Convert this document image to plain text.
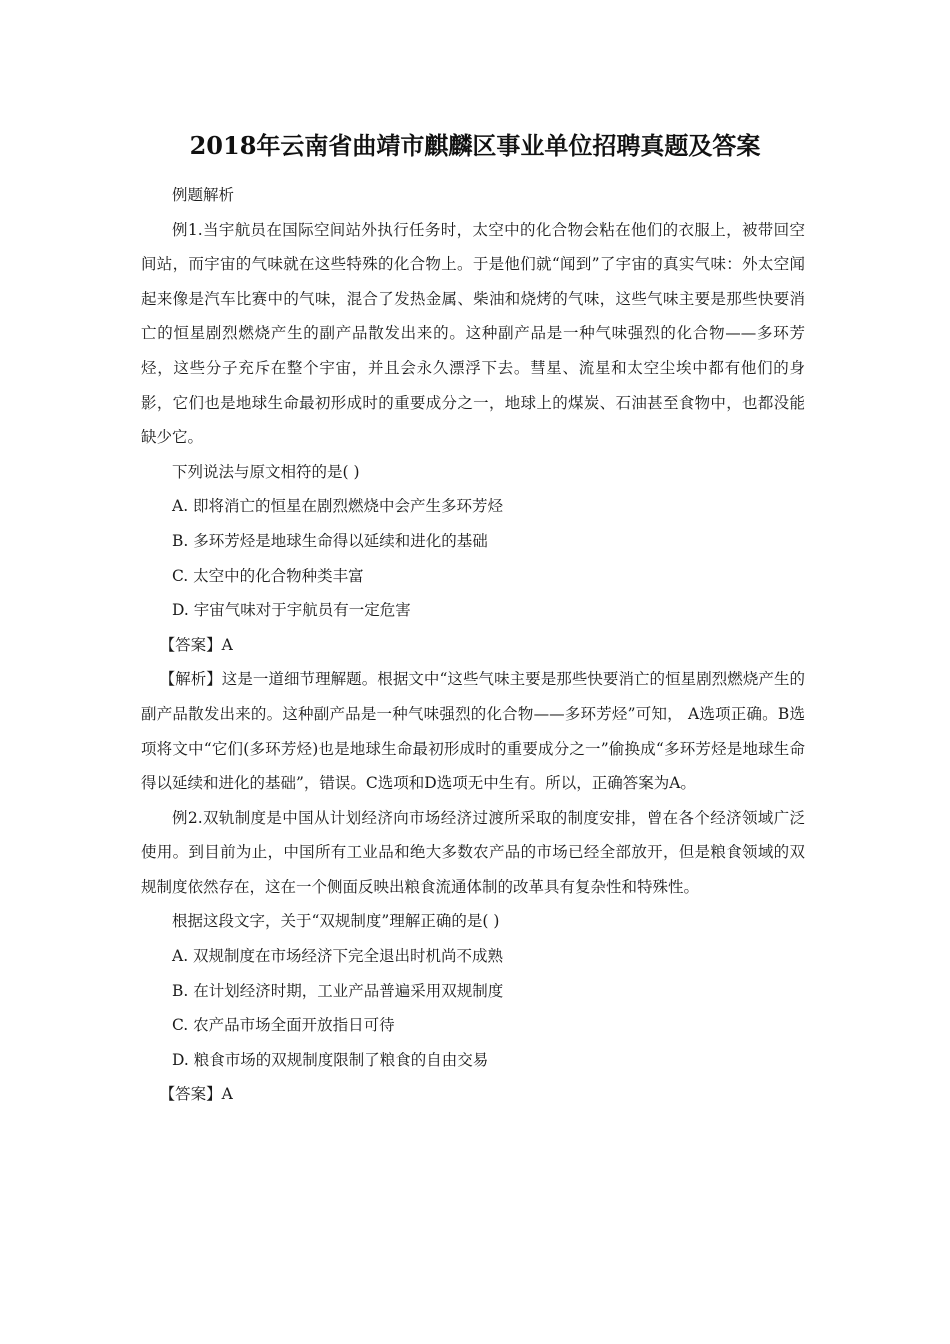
2018年云南省曲靖市麒麟区事业单位招聘真题及答案

例题解析

例1.当宇航员在国际空间站外执行任务时，太空中的化合物会粘在他们的衣服上，被带回空间站，而宇宙的气味就在这些特殊的化合物上。于是他们就“闻到”了宇宙的真实气味：外太空闻起来像是汽车比赛中的气味，混合了发热金属、柴油和烧烤的气味，这些气味主要是那些快要消亡的恒星剧烈燃烧产生的副产品散发出来的。这种副产品是一种气味强烈的化合物——多环芳烃，这些分子充斥在整个宇宙，并且会永久漂浮下去。彗星、流星和太空尘埃中都有他们的身影，它们也是地球生命最初形成时的重要成分之一，地球上的煤炭、石油甚至食物中，也都没能缺少它。

下列说法与原文相符的是( )

A. 即将消亡的恒星在剧烈燃烧中会产生多环芳烃

B. 多环芳烃是地球生命得以延续和进化的基础

C. 太空中的化合物种类丰富

D. 宇宙气味对于宇航员有一定危害

【答案】A

【解析】这是一道细节理解题。根据文中“这些气味主要是那些快要消亡的恒星剧烈燃烧产生的副产品散发出来的。这种副产品是一种气味强烈的化合物——多环芳烃”可知， A选项正确。B选项将文中“它们(多环芳烃)也是地球生命最初形成时的重要成分之一”偷换成“多环芳烃是地球生命得以延续和进化的基础”，错误。C选项和D选项无中生有。所以，正确答案为A。

例2.双轨制度是中国从计划经济向市场经济过渡所采取的制度安排，曾在各个经济领域广泛使用。到目前为止，中国所有工业品和绝大多数农产品的市场已经全部放开，但是粮食领域的双规制度依然存在，这在一个侧面反映出粮食流通体制的改革具有复杂性和特殊性。

根据这段文字，关于“双规制度”理解正确的是( )

A. 双规制度在市场经济下完全退出时机尚不成熟

B. 在计划经济时期，工业产品普遍采用双规制度

C. 农产品市场全面开放指日可待

D. 粮食市场的双规制度限制了粮食的自由交易

【答案】A
